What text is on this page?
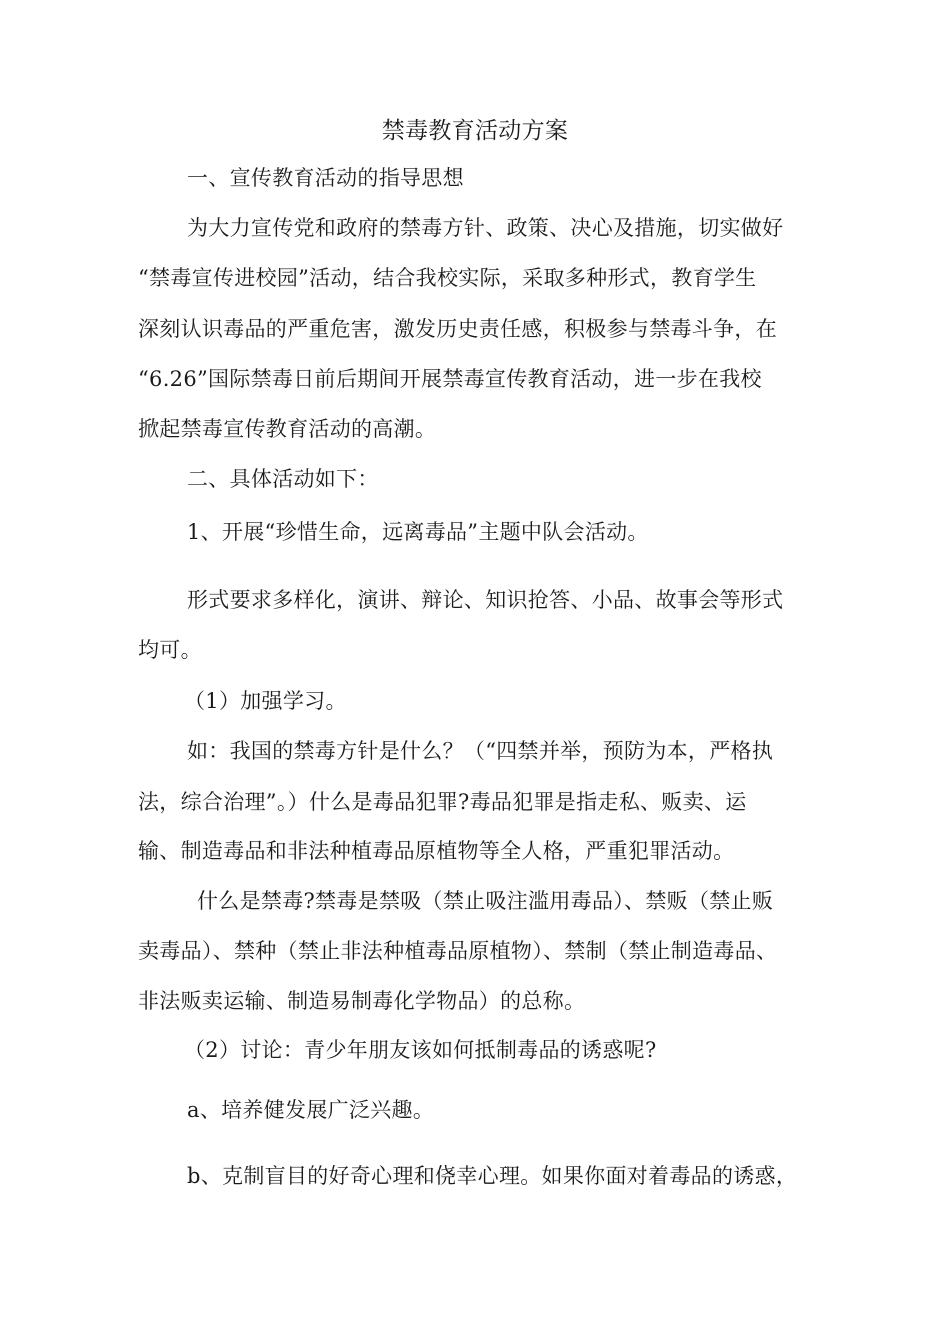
禁毒教育活动方案
一、宣传教育活动的指导思想
为大力宣传党和政府的禁毒方针、政策、决心及措施，切实做好
“禁毒宣传进校园”活动，结合我校实际，采取多种形式，教育学生
深刻认识毒品的严重危害，激发历史责任感，积极参与禁毒斗争，在
“6.26”国际禁毒日前后期间开展禁毒宣传教育活动，进一步在我校
掀起禁毒宣传教育活动的高潮。
二、具体活动如下：
1、开展“珍惜生命，远离毒品”主题中队会活动。
形式要求多样化，演讲、辩论、知识抢答、小品、故事会等形式
均可。
（1）加强学习。
如：我国的禁毒方针是什么？（“四禁并举，预防为本，严格执
法，综合治理”。）什么是毒品犯罪?毒品犯罪是指走私、贩卖、运
输、制造毒品和非法种植毒品原植物等全人格，严重犯罪活动。
什么是禁毒?禁毒是禁吸（禁止吸注滥用毒品）、禁贩（禁止贩
卖毒品）、禁种（禁止非法种植毒品原植物）、禁制（禁止制造毒品、
非法贩卖运输、制造易制毒化学物品）的总称。
（2）讨论：青少年朋友该如何抵制毒品的诱惑呢?
a、培养健发展广泛兴趣。
b、克制盲目的好奇心理和侥幸心理。如果你面对着毒品的诱惑，
